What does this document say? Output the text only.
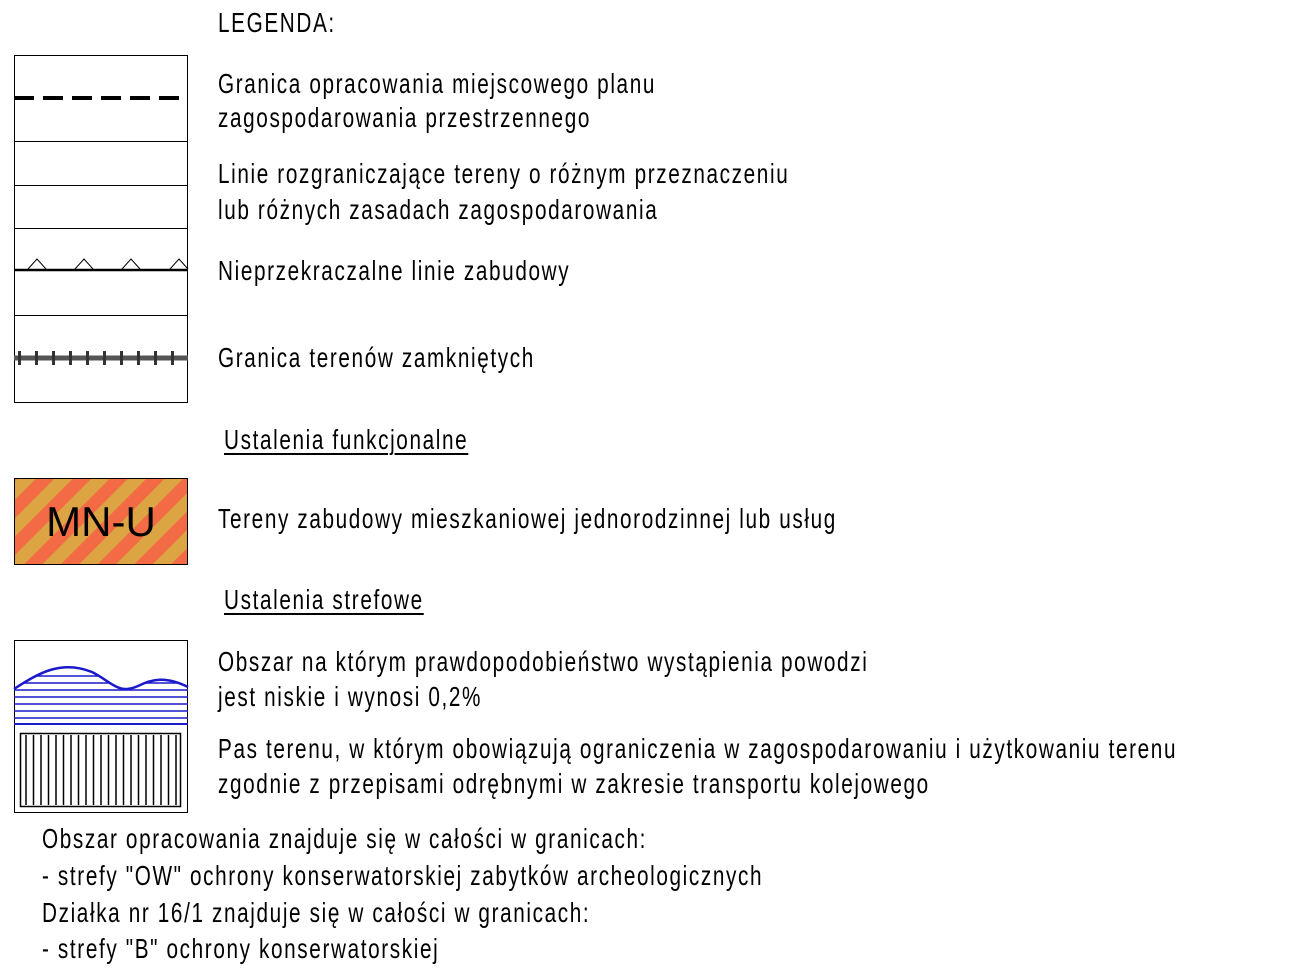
LEGENDA:
Granica opracowania miejscowego planu
zagospodarowania przestrzennego
Linie rozgraniczające tereny o różnym przeznaczeniu
lub różnych zasadach zagospodarowania
Nieprzekraczalne linie zabudowy
Granica terenów zamkniętych
Ustalenia funkcjonalne
MN-U	Tereny zabudowy mieszkaniowej jednorodzinnej lub usług
Ustalenia strefowe
Obszar na którym prawdopodobieństwo wystąpienia powodzi
jest niskie i wynosi 0,2%
Pas terenu, w którym obowiązują ograniczenia w zagospodarowaniu i użytkowaniu terenu
zgodnie z przepisami odrębnymi w zakresie transportu kolejowego
Obszar opracowania znajduje się w całości w granicach:
- strefy "OW" ochrony konserwatorskiej zabytków archeologicznych
Działka nr 16/1 znajduje się w całości w granicach:
- strefy "B" ochrony konserwatorskiej
